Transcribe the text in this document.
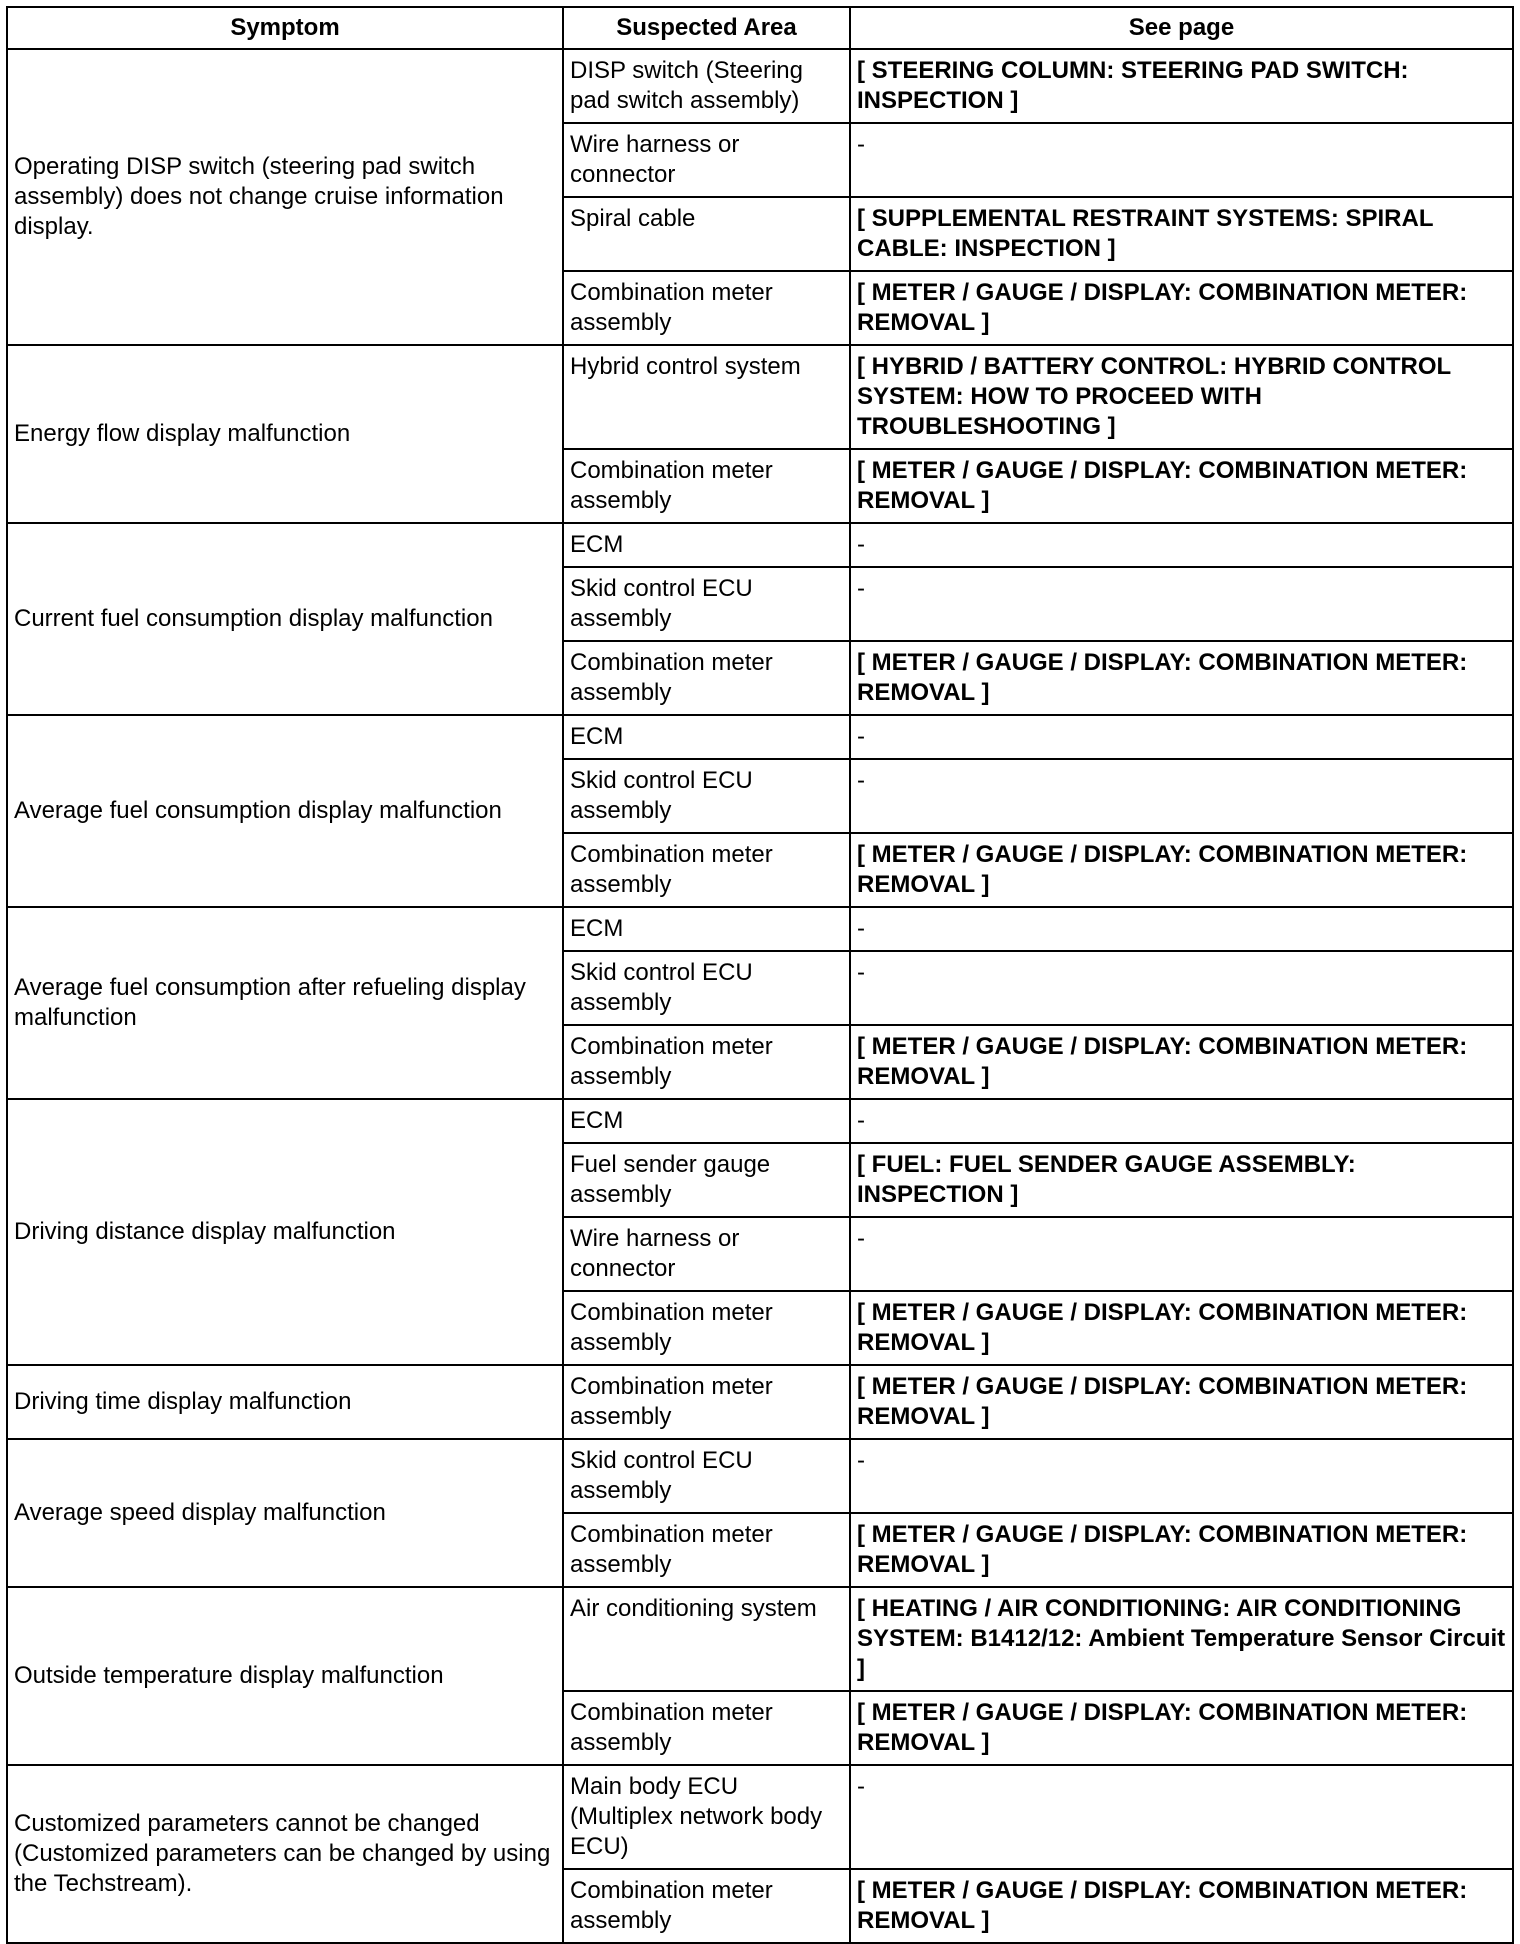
Symptom	Suspected Area	See page
Operating DISP switch (steering pad switch assembly) does not change cruise information display.	DISP switch (Steering pad switch assembly)	[ STEERING COLUMN: STEERING PAD SWITCH: INSPECTION ]
	Wire harness or connector	-
	Spiral cable	[ SUPPLEMENTAL RESTRAINT SYSTEMS: SPIRAL CABLE: INSPECTION ]
	Combination meter assembly	[ METER / GAUGE / DISPLAY: COMBINATION METER: REMOVAL ]
Energy flow display malfunction	Hybrid control system	[ HYBRID / BATTERY CONTROL: HYBRID CONTROL SYSTEM: HOW TO PROCEED WITH TROUBLESHOOTING ]
	Combination meter assembly	[ METER / GAUGE / DISPLAY: COMBINATION METER: REMOVAL ]
Current fuel consumption display malfunction	ECM	-
	Skid control ECU assembly	-
	Combination meter assembly	[ METER / GAUGE / DISPLAY: COMBINATION METER: REMOVAL ]
Average fuel consumption display malfunction	ECM	-
	Skid control ECU assembly	-
	Combination meter assembly	[ METER / GAUGE / DISPLAY: COMBINATION METER: REMOVAL ]
Average fuel consumption after refueling display malfunction	ECM	-
	Skid control ECU assembly	-
	Combination meter assembly	[ METER / GAUGE / DISPLAY: COMBINATION METER: REMOVAL ]
Driving distance display malfunction	ECM	-
	Fuel sender gauge assembly	[ FUEL: FUEL SENDER GAUGE ASSEMBLY: INSPECTION ]
	Wire harness or connector	-
	Combination meter assembly	[ METER / GAUGE / DISPLAY: COMBINATION METER: REMOVAL ]
Driving time display malfunction	Combination meter assembly	[ METER / GAUGE / DISPLAY: COMBINATION METER: REMOVAL ]
Average speed display malfunction	Skid control ECU assembly	-
	Combination meter assembly	[ METER / GAUGE / DISPLAY: COMBINATION METER: REMOVAL ]
Outside temperature display malfunction	Air conditioning system	[ HEATING / AIR CONDITIONING: AIR CONDITIONING SYSTEM: B1412/12: Ambient Temperature Sensor Circuit ]
	Combination meter assembly	[ METER / GAUGE / DISPLAY: COMBINATION METER: REMOVAL ]
Customized parameters cannot be changed (Customized parameters can be changed by using the Techstream).	Main body ECU (Multiplex network body ECU)	-
	Combination meter assembly	[ METER / GAUGE / DISPLAY: COMBINATION METER: REMOVAL ]
